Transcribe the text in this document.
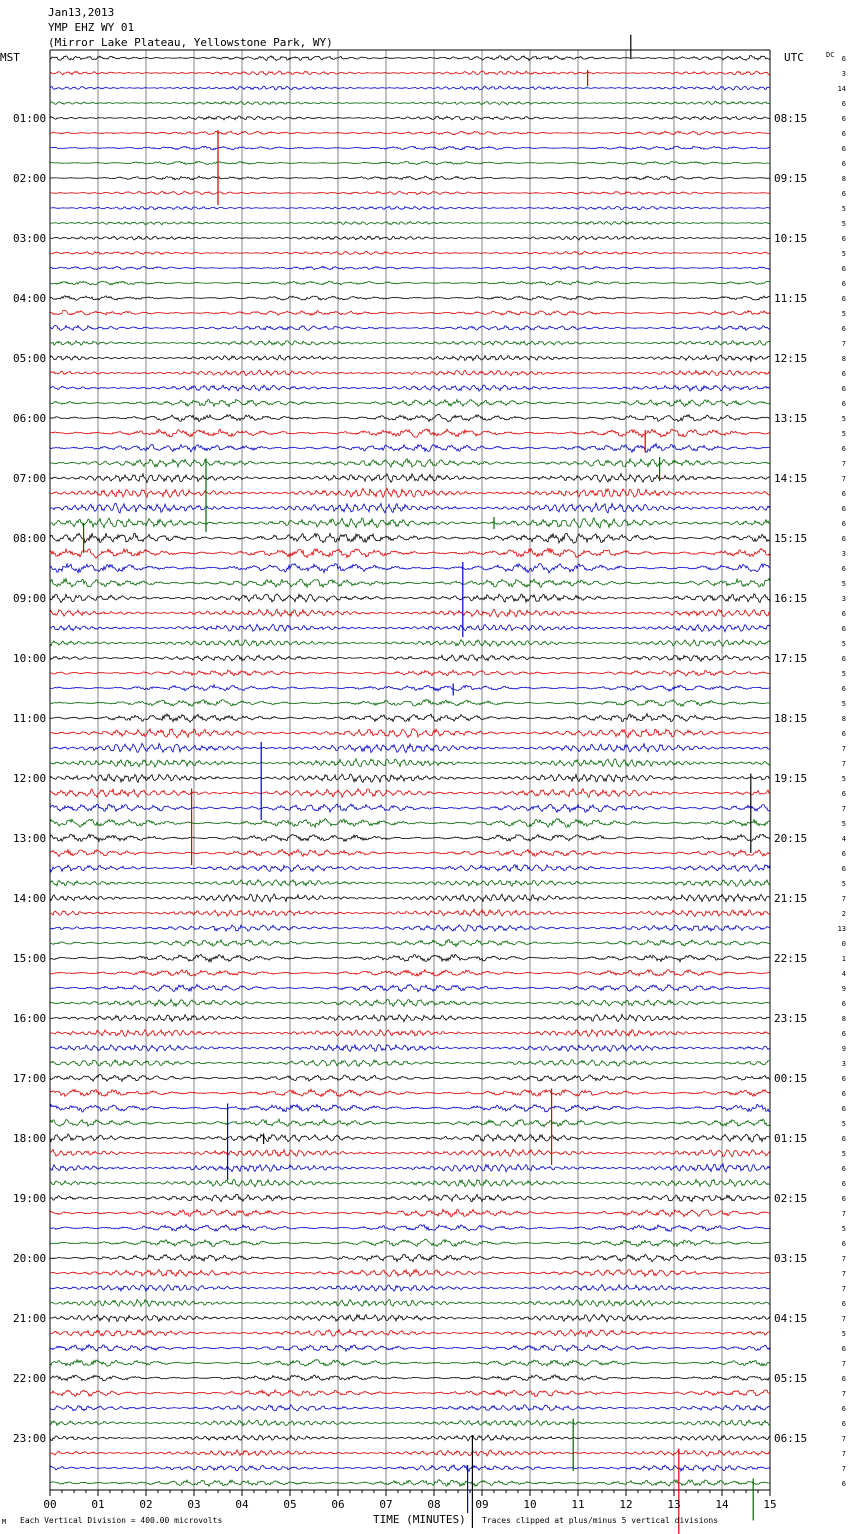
Jan13,2013
YMP EHZ WY 01
(Mirror Lake Plateau, Yellowstone Park, WY)
MST	UTC	DC
01:00
02:00
03:00
04:00
05:00
06:00
07:00
08:00
09:00
10:00
11:00
12:00
13:00
14:00
15:00
16:00
17:00
18:00
19:00
20:00
21:00
22:00
23:00
08:15
09:15
10:15
11:15
12:15
13:15
14:15
15:15
16:15
17:15
18:15
19:15
20:15
21:15
22:15
23:15
00:15
01:15
02:15
03:15
04:15
05:15
06:15
6
3
14
6
6
6
6
6
8
6
5
5
6
5
6
6
6
5
6
7
8
6
6
6
5
5
6
7
7
6
6
6
6
3
6
5
3
6
6
5
6
5
6
5
8
6
7
7
5
6
7
5
4
6
6
5
7
2
13
0
1
4
9
6
8
6
9
3
6
6
6
5
6
5
6
6
6
7
5
6
7
7
7
6
7
5
6
7
6
7
6
6
7
7
7
6
00	01	02	03	04	05	06	07	08	09	10	11	12	13	14	15
M Each Vertical Division = 400.00 microvolts	TIME (MINUTES) Traces clipped at plus/minus 5 vertical divisions
